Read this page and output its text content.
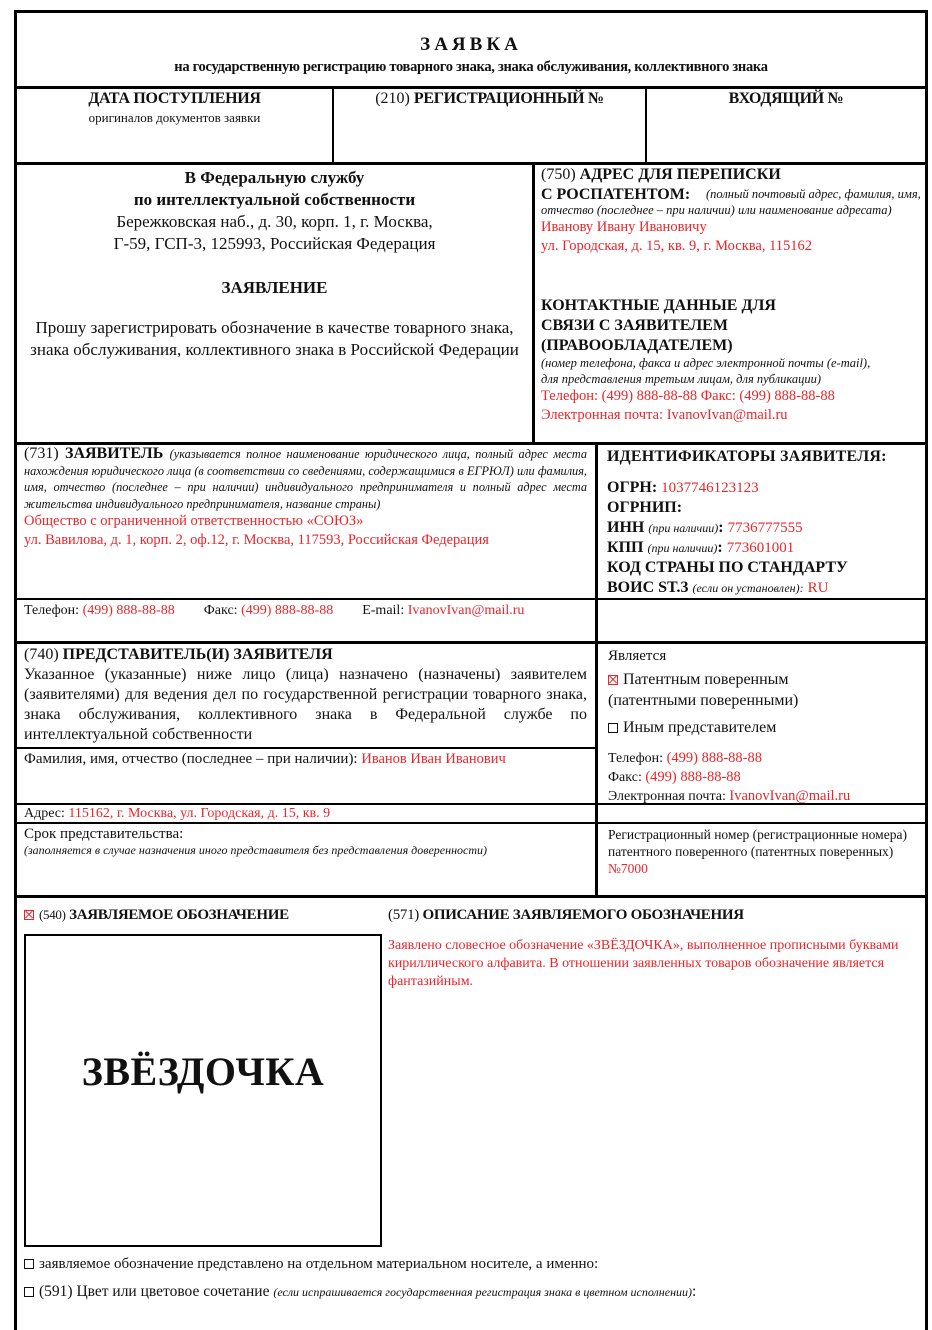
ЗАЯВКА
на государственную регистрацию товарного знака, знака обслуживания, коллективного знака
ДАТА ПОСТУПЛЕНИЯ
оригиналов документов заявки
(210) РЕГИСТРАЦИОННЫЙ №	ВХОДЯЩИЙ №
В Федеральную службу
по интеллектуальной собственности
Бережковская наб., д. 30, корп. 1, г. Москва,
Г-59, ГСП-3, 125993, Российская Федерация
ЗАЯВЛЕНИЕ
Прошу зарегистрировать обозначение в качестве товарного знака, знака обслуживания, коллективного знака в Российской Федерации
(750) АДРЕС ДЛЯ ПЕРЕПИСКИ
С РОСПАТЕНТОМ:	(полный почтовый адрес, фамилия, имя, отчество (последнее – при наличии) или наименование адресата)
Иванову Ивану Ивановичу
ул. Городская, д. 15, кв. 9, г. Москва, 115162
КОНТАКТНЫЕ ДАННЫЕ ДЛЯ
СВЯЗИ С ЗАЯВИТЕЛЕМ
(ПРАВООБЛАДАТЕЛЕМ)
(номер телефона, факса и адрес электронной почты (e-mail), для представления третьим лицам, для публикации)
Телефон: (499) 888-88-88 Факс: (499) 888-88-88
Электронная почта: IvanovIvan@mail.ru
(731) ЗАЯВИТЕЛЬ (указывается полное наименование юридического лица, полный адрес места нахождения юридического лица (в соответствии со сведениями, содержащимися в ЕГРЮЛ) или фамилия, имя, отчество (последнее – при наличии) индивидуального предпринимателя и полный адрес места жительства индивидуального предпринимателя, название страны)
Общество с ограниченной ответственностью «СОЮЗ»
ул. Вавилова, д. 1, корп. 2, оф.12, г. Москва, 117593, Российская Федерация
Телефон: (499) 888-88-88 Факс: (499) 888-88-88 E-mail: IvanovIvan@mail.ru
ИДЕНТИФИКАТОРЫ ЗАЯВИТЕЛЯ:
ОГРН: 1037746123123
ОГРНИП:
ИНН (при наличии): 7736777555
КПП (при наличии): 773601001
КОД СТРАНЫ ПО СТАНДАРТУ
ВОИС ST.3 (если он установлен): RU
(740) ПРЕДСТАВИТЕЛЬ(И) ЗАЯВИТЕЛЯ
Указанное (указанные) ниже лицо (лица) назначено (назначены) заявителем (заявителями) для ведения дел по государственной регистрации товарного знака, знака обслуживания, коллективного знака в Федеральной службе по интеллектуальной собственности
Фамилия, имя, отчество (последнее – при наличии): Иванов Иван Иванович
Адрес: 115162, г. Москва, ул. Городская, д. 15, кв. 9
Срок представительства:
(заполняется в случае назначения иного представителя без представления доверенности)
Является
Патентным поверенным
(патентными поверенными)
Иным представителем
Телефон: (499) 888-88-88
Факс: (499) 888-88-88
Электронная почта: IvanovIvan@mail.ru
Регистрационный номер (регистрационные номера) патентного поверенного (патентных поверенных)
№7000
(540) ЗАЯВЛЯЕМОЕ ОБОЗНАЧЕНИЕ	(571) ОПИСАНИЕ ЗАЯВЛЯЕМОГО ОБОЗНАЧЕНИЯ
ЗВЁЗДОЧКА
Заявлено словесное обозначение «ЗВЁЗДОЧКА», выполненное прописными буквами кириллического алфавита. В отношении заявленных товаров обозначение является фантазийным.
заявляемое обозначение представлено на отдельном материальном носителе, а именно:
(591) Цвет или цветовое сочетание (если испрашивается государственная регистрация знака в цветном исполнении):
